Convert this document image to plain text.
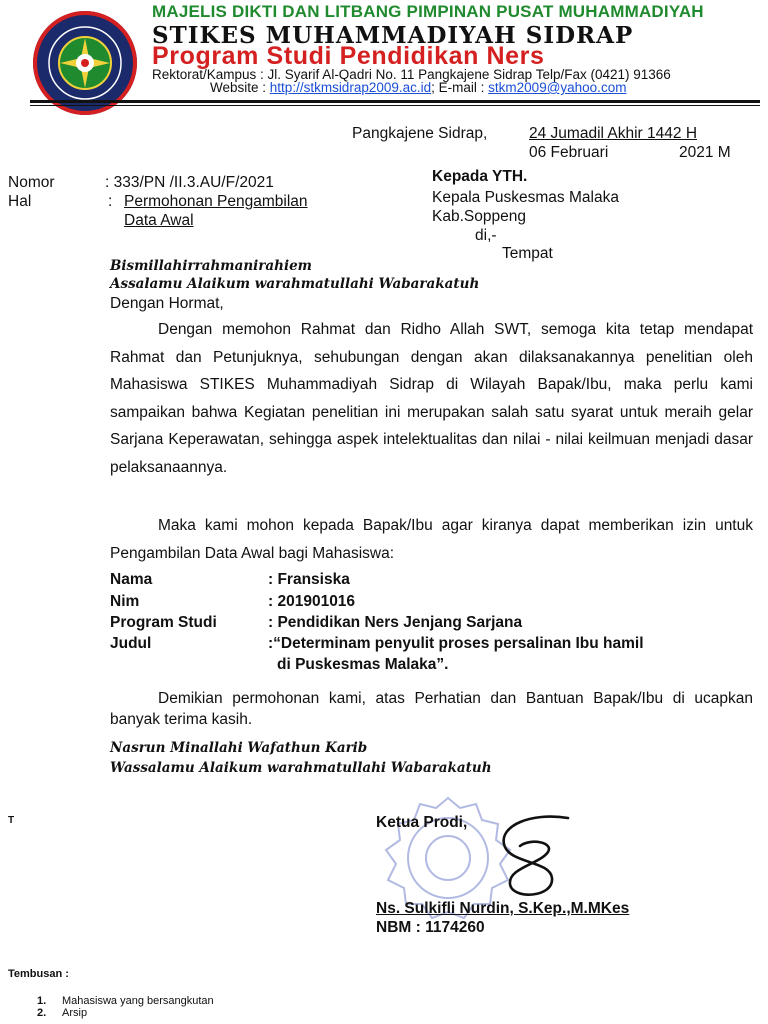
MAJELIS DIKTI DAN LITBANG PIMPINAN PUSAT MUHAMMADIYAH
STIKES MUHAMMADIYAH SIDRAP
Program Studi Pendidikan Ners
Rektorat/Kampus : Jl. Syarif Al-Qadri No. 11 Pangkajene Sidrap Telp/Fax (0421) 91366
Website : http://stkmsidrap2009.ac.id; E-mail : stkm2009@yahoo.com
Pangkajene Sidrap,	24 Jumadil Akhir 1442 H
06 Februari	2021 M
Nomor	: 333/PN /II.3.AU/F/2021
Hal	: Permohonan Pengambilan
Data Awal
Kepada YTH.
Kepala Puskesmas Malaka
Kab.Soppeng
di,-
Tempat
Bismillahirrahmanirahiem
Assalamu Alaikum warahmatullahi Wabarakatuh
Dengan Hormat,
Dengan memohon Rahmat dan Ridho Allah SWT, semoga kita tetap mendapat Rahmat dan Petunjuknya, sehubungan dengan akan dilaksanakannya penelitian oleh Mahasiswa STIKES Muhammadiyah Sidrap di Wilayah Bapak/Ibu, maka perlu kami sampaikan bahwa Kegiatan penelitian ini merupakan salah satu syarat untuk meraih gelar Sarjana Keperawatan, sehingga aspek intelektualitas dan nilai - nilai keilmuan menjadi dasar pelaksanaannya.
Maka kami mohon kepada Bapak/Ibu agar kiranya dapat memberikan izin untuk Pengambilan Data Awal bagi Mahasiswa:
Nama	: Fransiska
Nim	: 201901016
Program Studi	: Pendidikan Ners Jenjang Sarjana
Judul	:“Determinam penyulit proses persalinan Ibu hamil
di Puskesmas Malaka”.
Demikian permohonan kami, atas Perhatian dan Bantuan Bapak/Ibu di ucapkan banyak terima kasih.
Nasrun Minallahi Wafathun Karib
Wassalamu Alaikum warahmatullahi Wabarakatuh
T	Ketua Prodi,
Ns. Sulkifli Nurdin, S.Kep.,M.MKes
NBM : 1174260
Tembusan :
1. Mahasiswa yang bersangkutan
2. Arsip
